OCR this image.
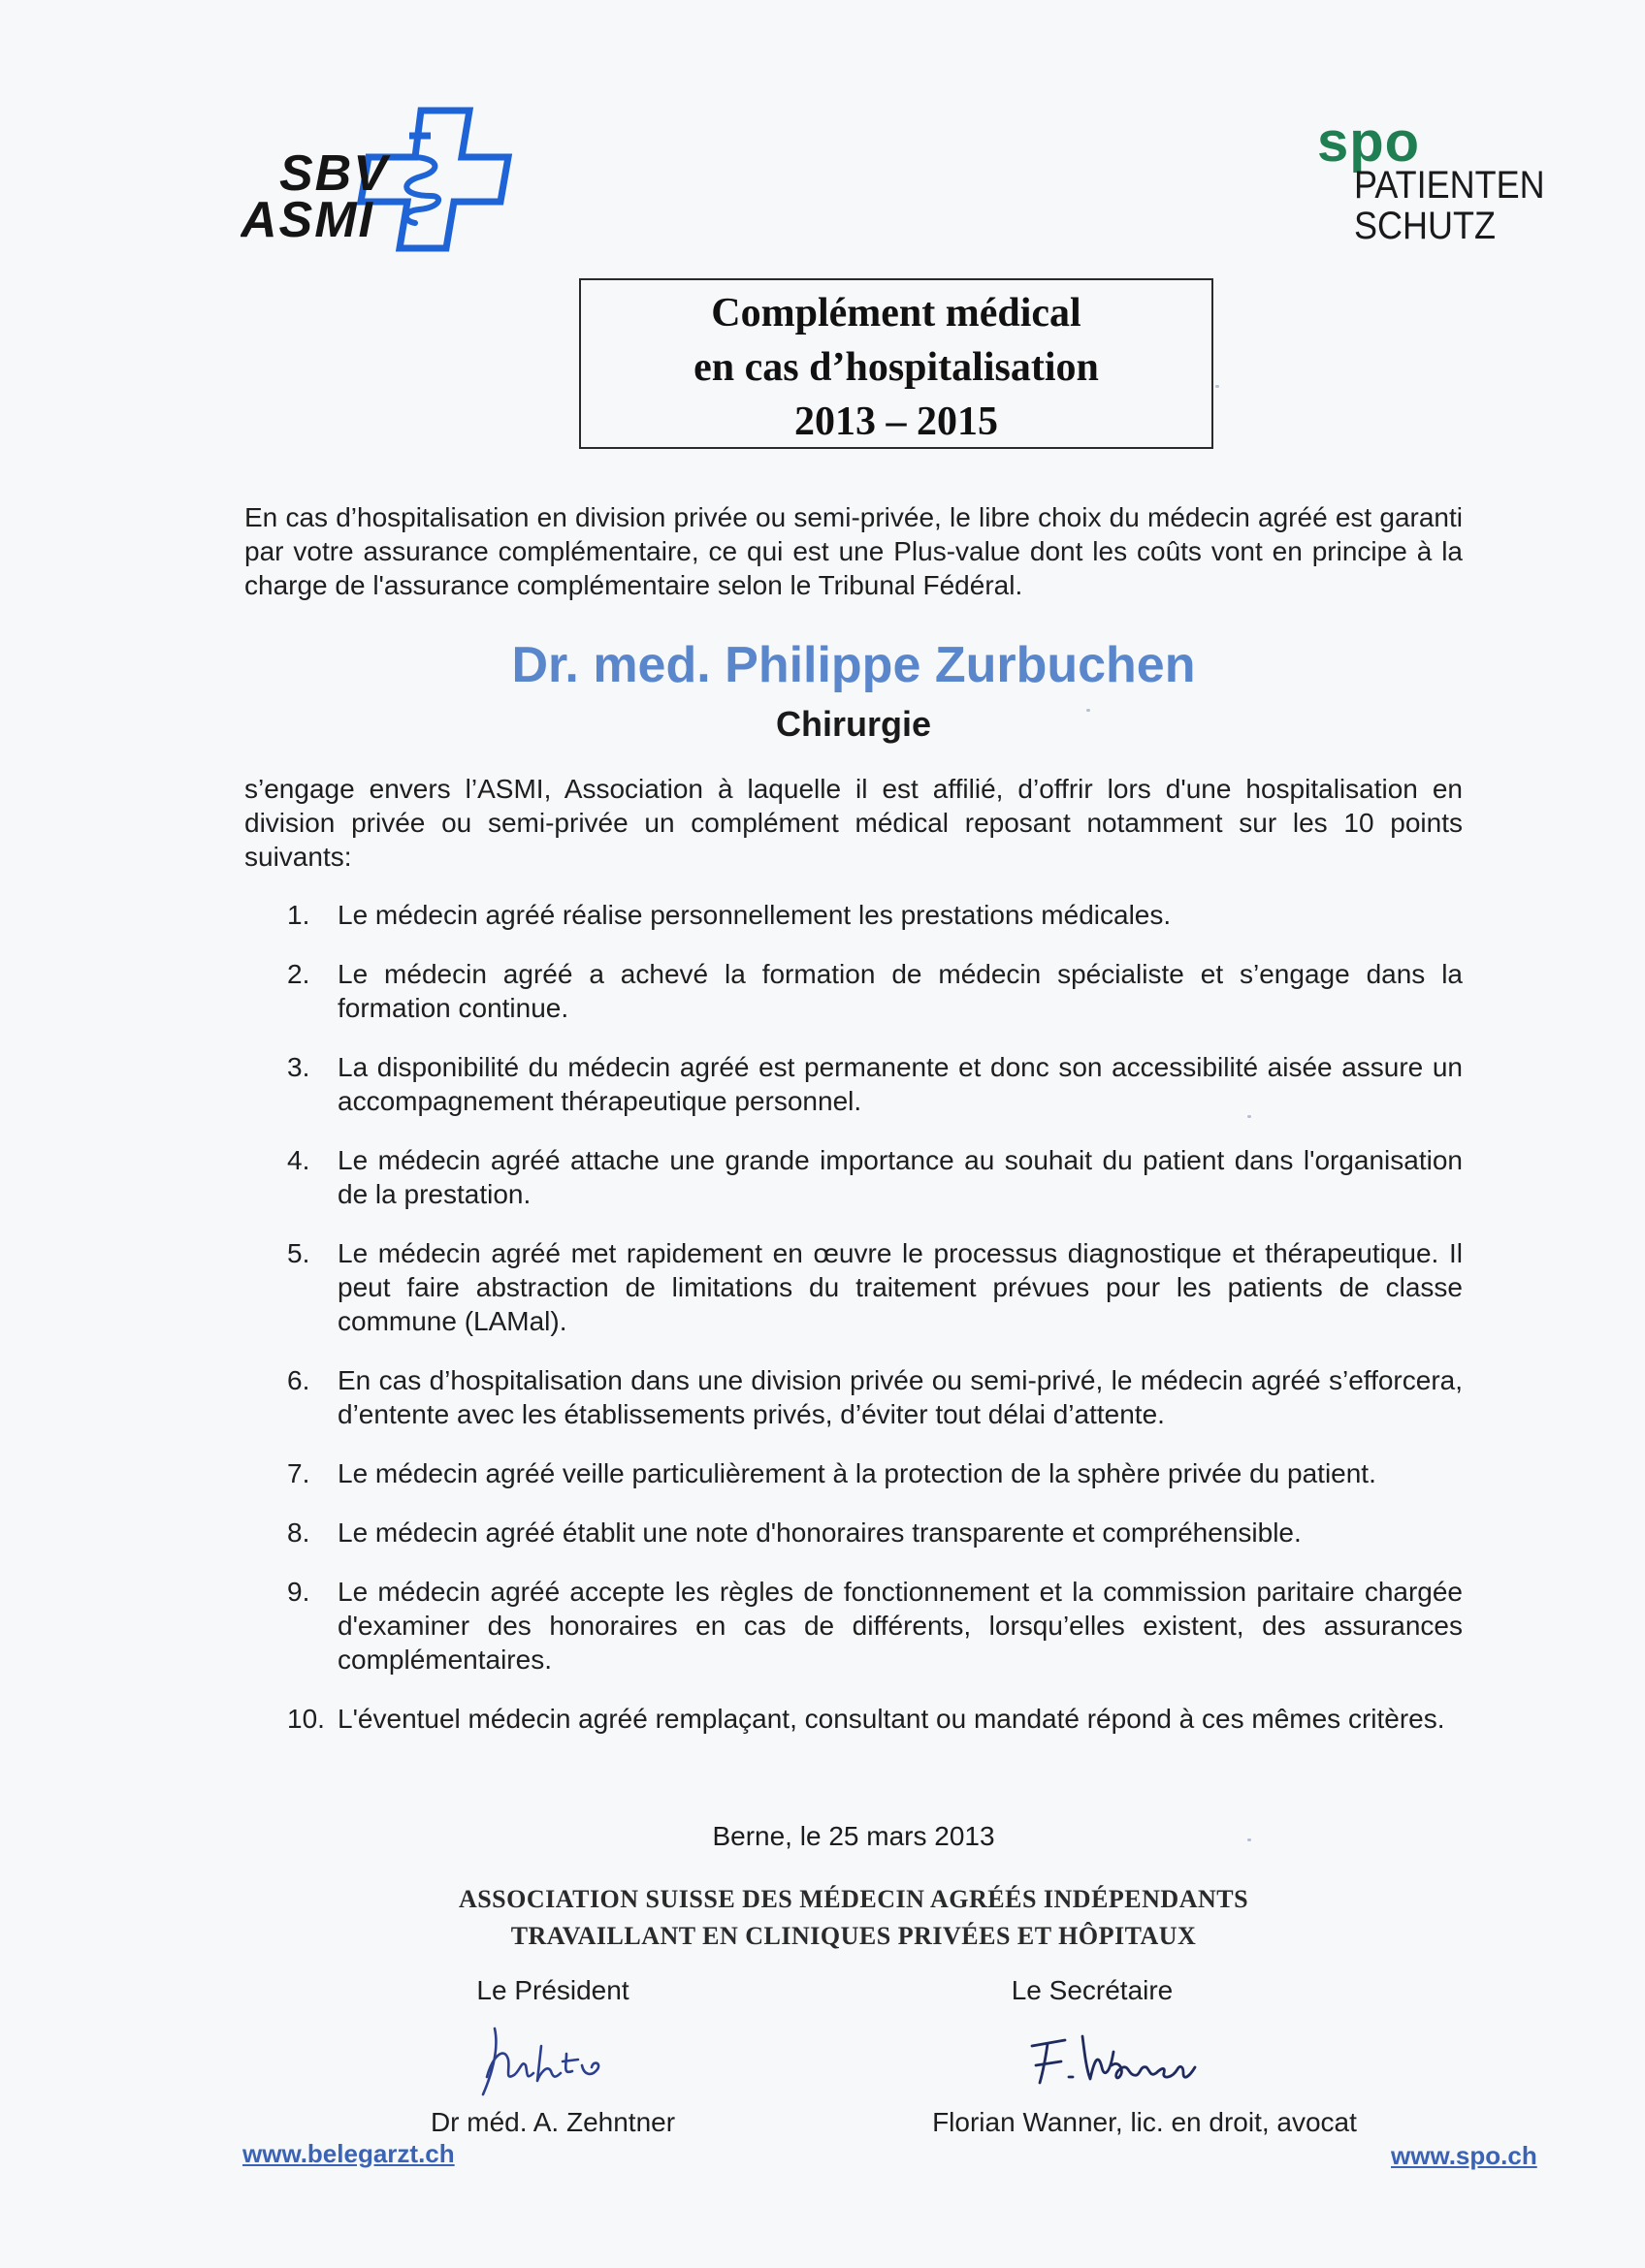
SBV
ASMI
spo
PATIENTEN
SCHUTZ
Complément médical
en cas d’hospitalisation
2013 – 2015
En cas d’hospitalisation en division privée ou semi-privée, le libre choix du médecin agréé est garanti par votre assurance complémentaire, ce qui est une Plus-value dont les coûts vont en principe à la charge de l'assurance complémentaire selon le Tribunal Fédéral.
Dr. med. Philippe Zurbuchen
Chirurgie
s’engage envers l’ASMI, Association à laquelle il est affilié, d’offrir lors d'une hospitalisation en division privée ou semi-privée un complément médical reposant notamment sur les 10 points suivants:
1.	Le médecin agréé réalise personnellement les prestations médicales.
2.	Le médecin agréé a achevé la formation de médecin spécialiste et s’engage dans la formation continue.
3.	La disponibilité du médecin agréé est permanente et donc son accessibilité aisée assure un accompagnement thérapeutique personnel.
4.	Le médecin agréé attache une grande importance au souhait du patient dans l'organisation de la prestation.
5.	Le médecin agréé met rapidement en œuvre le processus diagnostique et thérapeutique. Il peut faire abstraction de limitations du traitement prévues pour les patients de classe commune (LAMal).
6.	En cas d’hospitalisation dans une division privée ou semi-privé, le médecin agréé s’efforcera, d’entente avec les établissements privés, d’éviter tout délai d’attente.
7.	Le médecin agréé veille particulièrement à la protection de la sphère privée du patient.
8.	Le médecin agréé établit une note d'honoraires transparente et compréhensible.
9.	Le médecin agréé accepte les règles de fonctionnement et la commission paritaire chargée d'examiner des honoraires en cas de différents, lorsqu’elles existent, des assurances complémentaires.
10. L'éventuel médecin agréé remplaçant, consultant ou mandaté répond à ces mêmes critères.
Berne, le 25 mars 2013
ASSOCIATION SUISSE DES MÉDECIN AGRÉÉS INDÉPENDANTS
TRAVAILLANT EN CLINIQUES PRIVÉES ET HÔPITAUX
Le Président	Le Secrétaire
Dr méd. A. Zehntner	Florian Wanner, lic. en droit, avocat
www.belegarzt.ch	www.spo.ch
